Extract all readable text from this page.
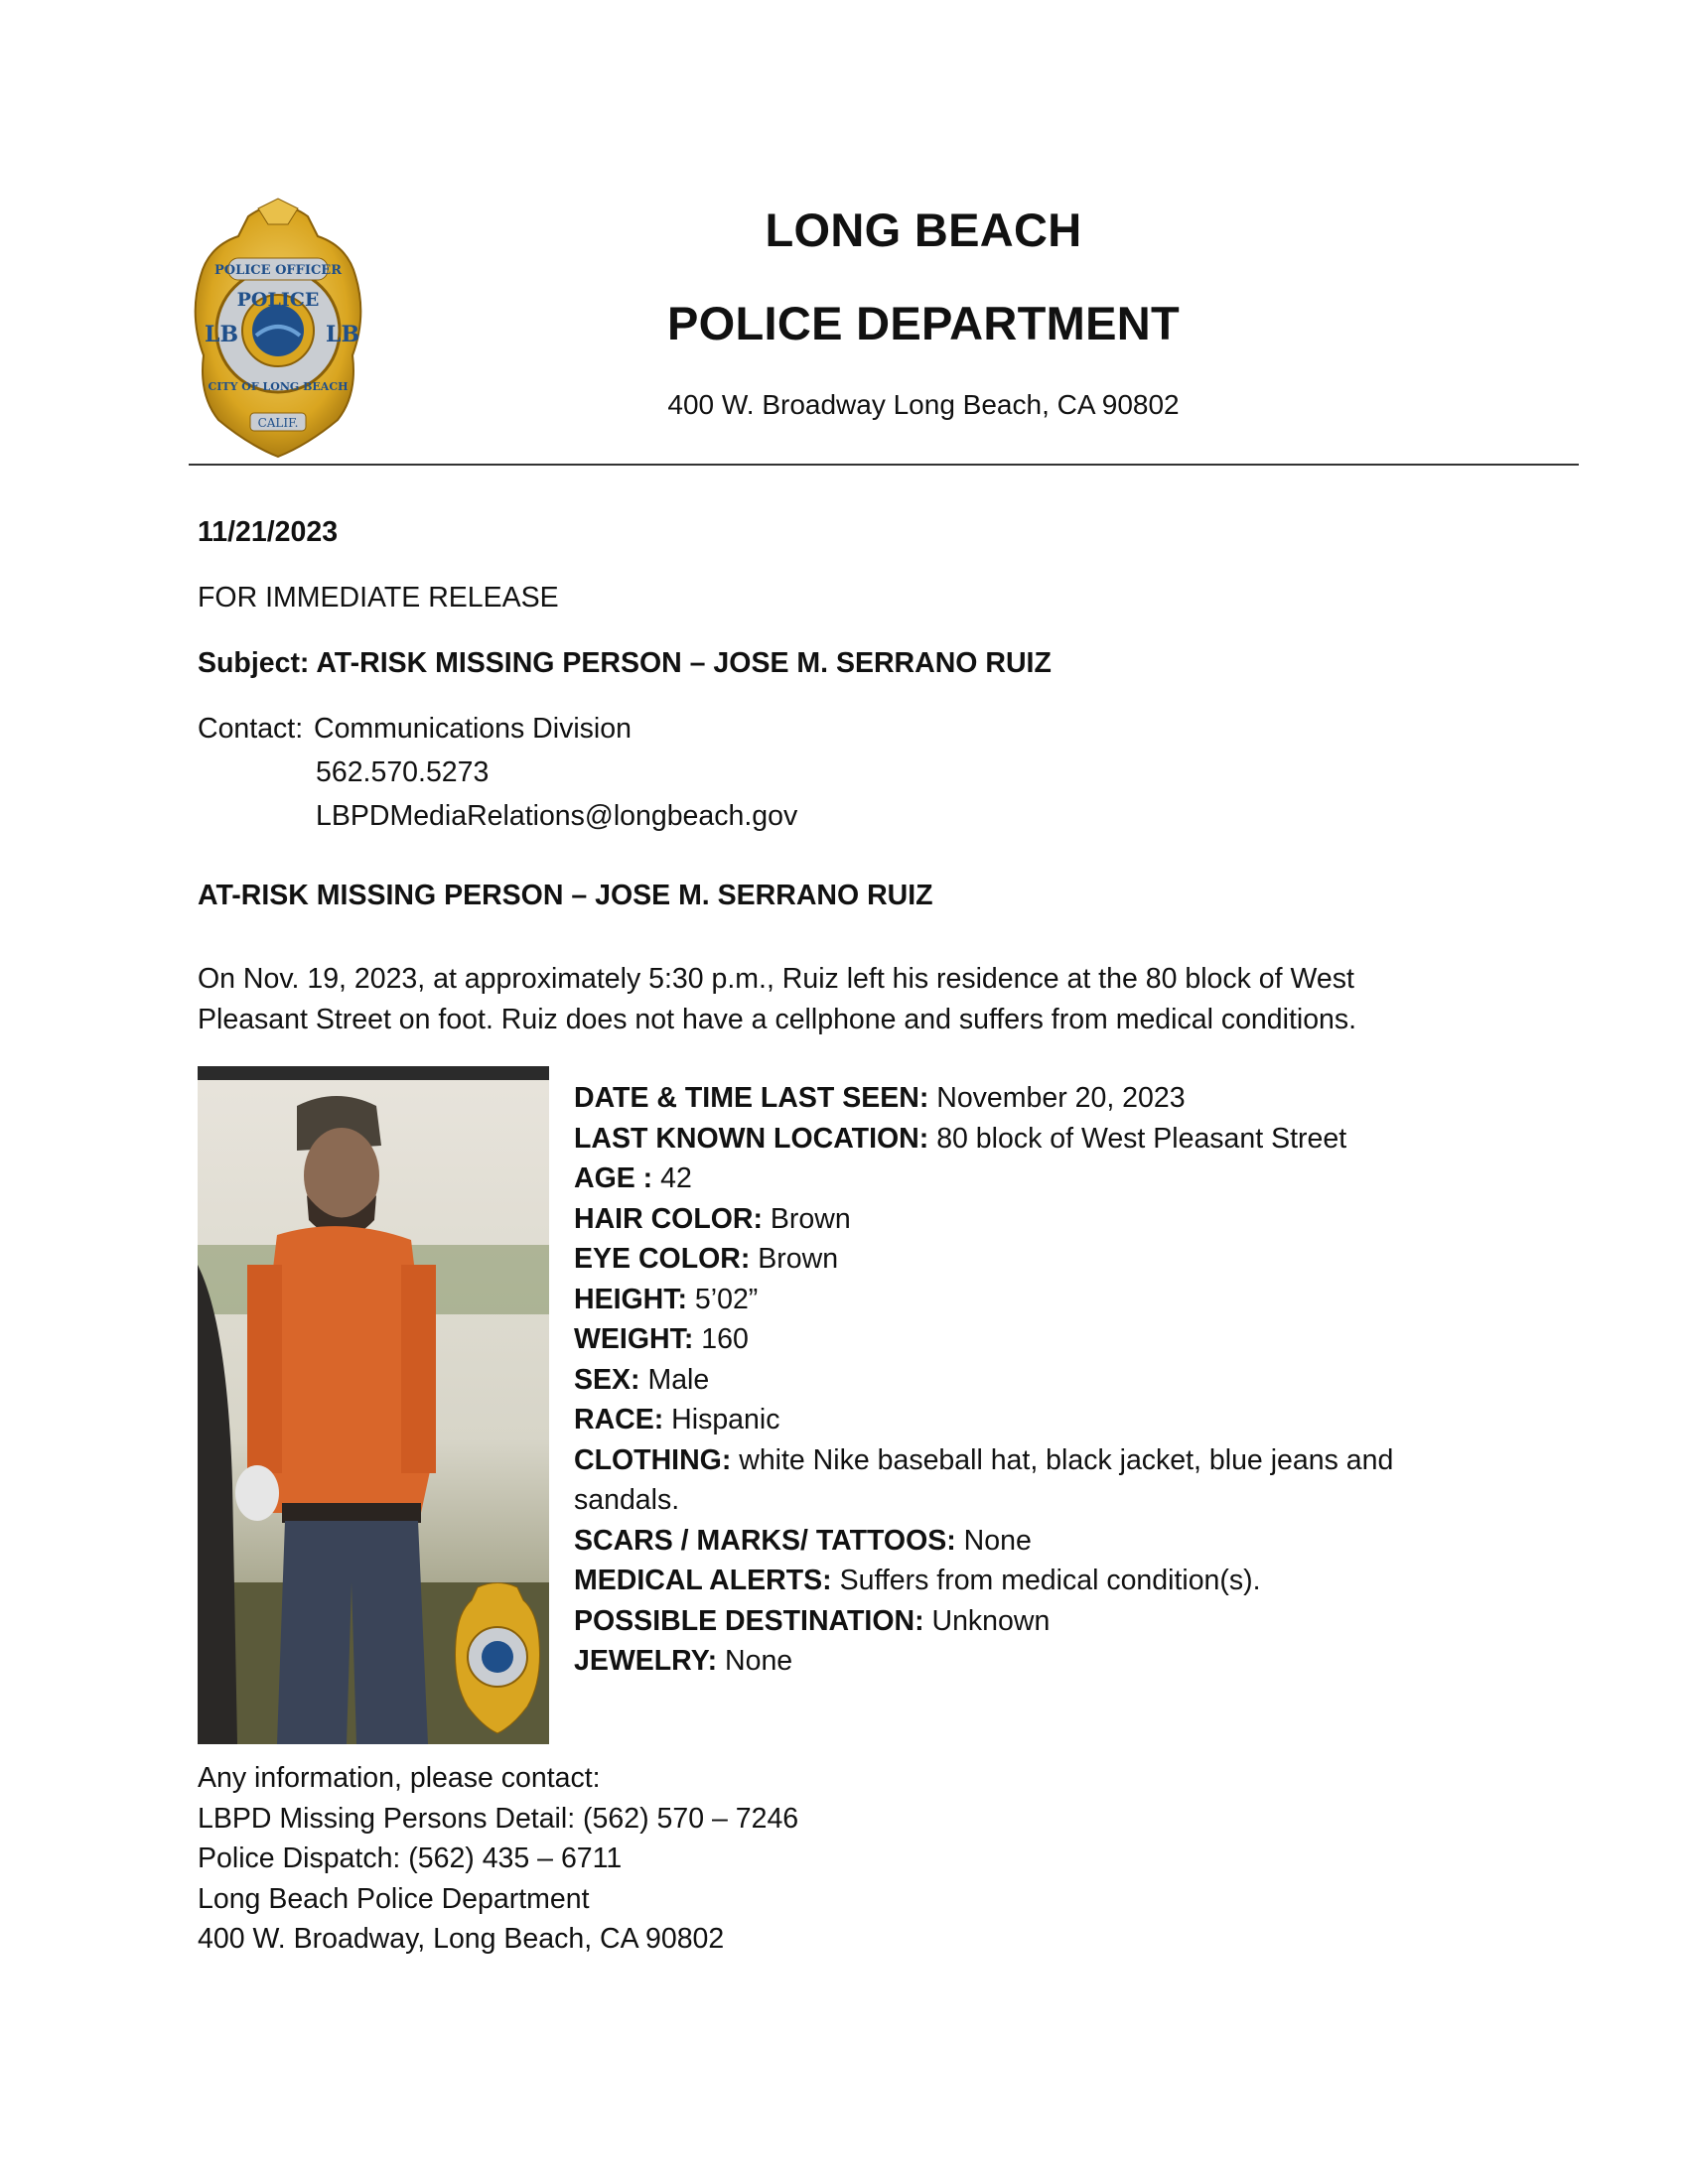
POLICE OFFICER
POLICE
LB	LB
CITY OF LONG BEACH
CALIF.
LONG BEACH
POLICE DEPARTMENT
400 W. Broadway Long Beach, CA 90802
11/21/2023
FOR IMMEDIATE RELEASE
Subject: AT-RISK MISSING PERSON – JOSE M. SERRANO RUIZ
Contact: Communications Division
562.570.5273
LBPDMediaRelations@longbeach.gov
AT-RISK MISSING PERSON – JOSE M. SERRANO RUIZ
On Nov. 19, 2023, at approximately 5:30 p.m., Ruiz left his residence at the 80 block of West
Pleasant Street on foot. Ruiz does not have a cellphone and suffers from medical conditions.
DATE & TIME LAST SEEN: November 20, 2023
LAST KNOWN LOCATION: 80 block of West Pleasant Street
AGE : 42
HAIR COLOR: Brown
EYE COLOR: Brown
HEIGHT: 5’02”
WEIGHT: 160
SEX: Male
RACE: Hispanic
CLOTHING: white Nike baseball hat, black jacket, blue jeans and
sandals.
SCARS / MARKS/ TATTOOS: None
MEDICAL ALERTS: Suffers from medical condition(s).
POSSIBLE DESTINATION: Unknown
JEWELRY: None
Any information, please contact:
LBPD Missing Persons Detail: (562) 570 – 7246
Police Dispatch: (562) 435 – 6711
Long Beach Police Department
400 W. Broadway, Long Beach, CA 90802
